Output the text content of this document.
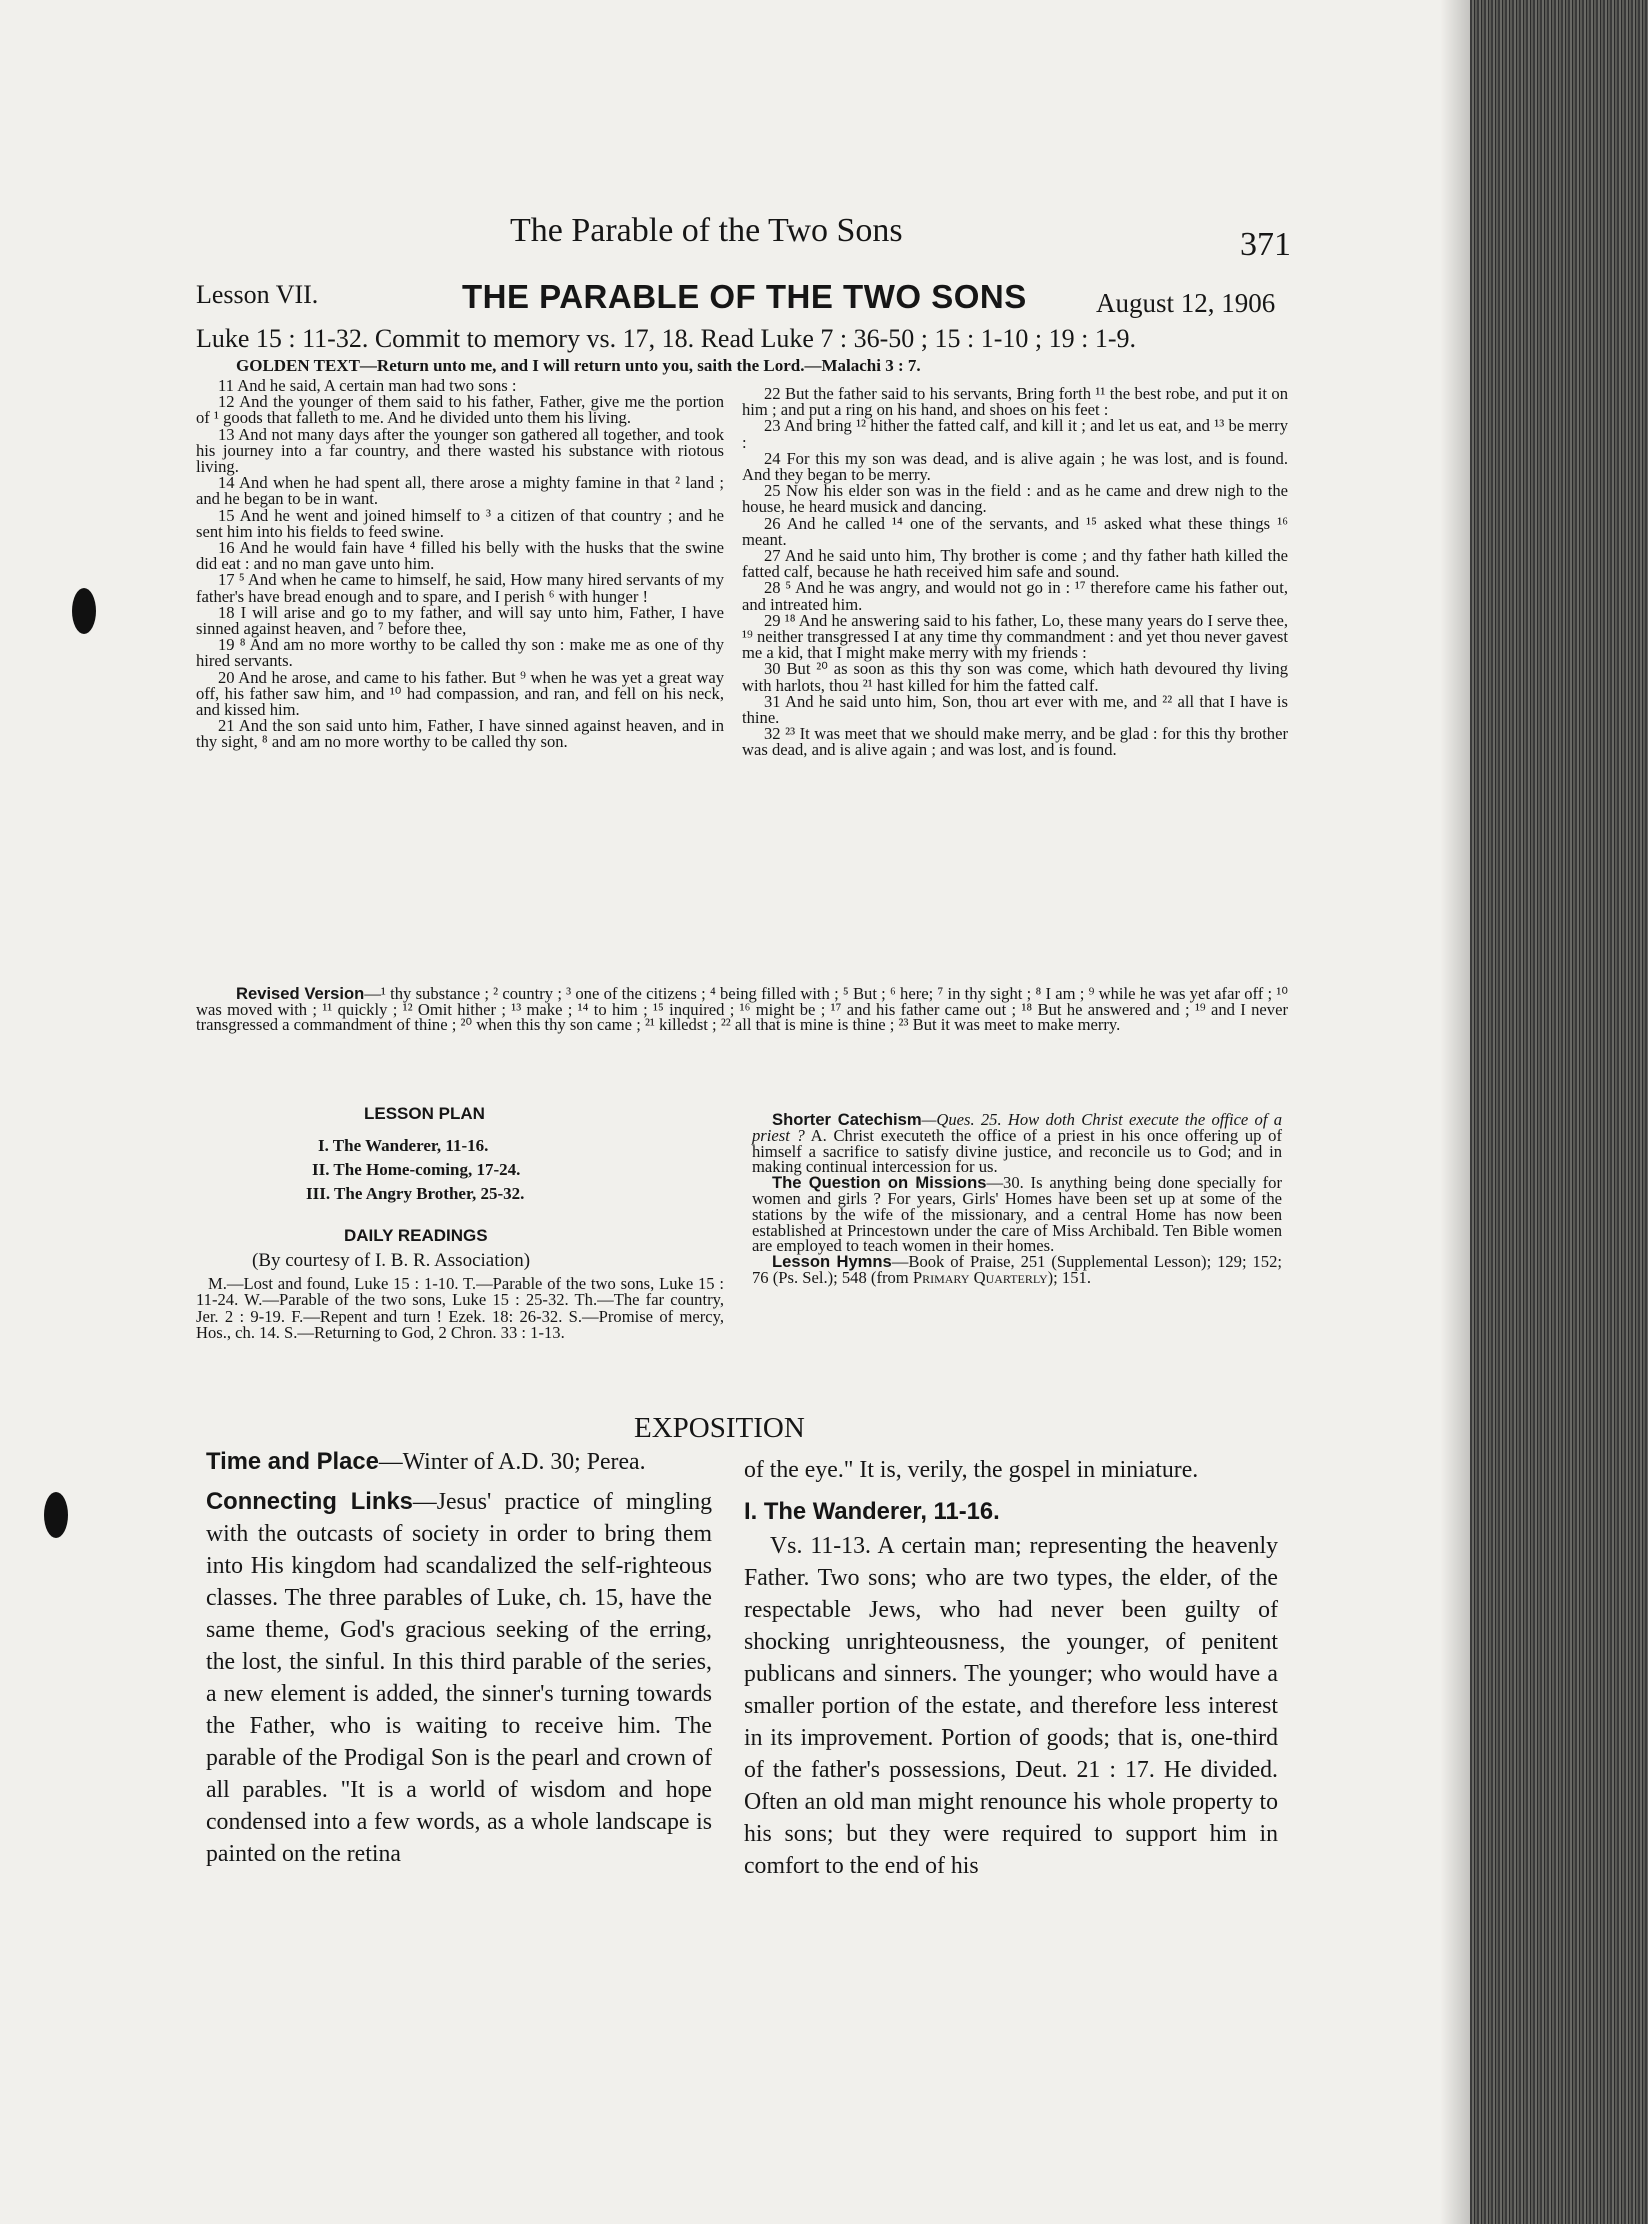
The Parable of the Two Sons	371
Lesson VII.	THE PARABLE OF THE TWO SONS	August 12, 1906
Luke 15 : 11-32. Commit to memory vs. 17, 18. Read Luke 7 : 36-50 ; 15 : 1-10 ; 19 : 1-9.
GOLDEN TEXT—Return unto me, and I will return unto you, saith the Lord.—Malachi 3 : 7.

11 And he said, A certain man had two sons :

12 And the younger of them said to his father, Father, give me the portion of ¹ goods that falleth to me. And he divided unto them his living.

13 And not many days after the younger son gathered all together, and took his journey into a far country, and there wasted his substance with riotous living.

14 And when he had spent all, there arose a mighty famine in that ² land ; and he began to be in want.

15 And he went and joined himself to ³ a citizen of that country ; and he sent him into his fields to feed swine.

16 And he would fain have ⁴ filled his belly with the husks that the swine did eat : and no man gave unto him.

17 ⁵ And when he came to himself, he said, How many hired servants of my father's have bread enough and to spare, and I perish ⁶ with hunger !

18 I will arise and go to my father, and will say unto him, Father, I have sinned against heaven, and ⁷ before thee,

19 ⁸ And am no more worthy to be called thy son : make me as one of thy hired servants.

20 And he arose, and came to his father. But ⁹ when he was yet a great way off, his father saw him, and ¹⁰ had compassion, and ran, and fell on his neck, and kissed him.

21 And the son said unto him, Father, I have sinned against heaven, and in thy sight, ⁸ and am no more worthy to be called thy son.

22 But the father said to his servants, Bring forth ¹¹ the best robe, and put it on him ; and put a ring on his hand, and shoes on his feet :

23 And bring ¹² hither the fatted calf, and kill it ; and let us eat, and ¹³ be merry :

24 For this my son was dead, and is alive again ; he was lost, and is found. And they began to be merry.

25 Now his elder son was in the field : and as he came and drew nigh to the house, he heard musick and dancing.

26 And he called ¹⁴ one of the servants, and ¹⁵ asked what these things ¹⁶ meant.

27 And he said unto him, Thy brother is come ; and thy father hath killed the fatted calf, because he hath received him safe and sound.

28 ⁵ And he was angry, and would not go in : ¹⁷ therefore came his father out, and intreated him.

29 ¹⁸ And he answering said to his father, Lo, these many years do I serve thee, ¹⁹ neither transgressed I at any time thy commandment : and yet thou never gavest me a kid, that I might make merry with my friends :

30 But ²⁰ as soon as this thy son was come, which hath devoured thy living with harlots, thou ²¹ hast killed for him the fatted calf.

31 And he said unto him, Son, thou art ever with me, and ²² all that I have is thine.

32 ²³ It was meet that we should make merry, and be glad : for this thy brother was dead, and is alive again ; and was lost, and is found.

Revised Version—¹ thy substance ; ² country ; ³ one of the citizens ; ⁴ being filled with ; ⁵ But ; ⁶ here; ⁷ in thy sight ; ⁸ I am ; ⁹ while he was yet afar off ; ¹⁰ was moved with ; ¹¹ quickly ; ¹² Omit hither ; ¹³ make ; ¹⁴ to him ; ¹⁵ inquired ; ¹⁶ might be ; ¹⁷ and his father came out ; ¹⁸ But he answered and ; ¹⁹ and I never transgressed a commandment of thine ; ²⁰ when this thy son came ; ²¹ killedst ; ²² all that is mine is thine ; ²³ But it was meet to make merry.
LESSON PLAN
I. The Wanderer, 11-16.
II. The Home-coming, 17-24.
III. The Angry Brother, 25-32.
DAILY READINGS
(By courtesy of I. B. R. Association)
M.—Lost and found, Luke 15 : 1-10. T.—Parable of the two sons, Luke 15 : 11-24. W.—Parable of the two sons, Luke 15 : 25-32. Th.—The far country, Jer. 2 : 9-19. F.—Repent and turn ! Ezek. 18: 26-32. S.—Promise of mercy, Hos., ch. 14. S.—Returning to God, 2 Chron. 33 : 1-13.

Shorter Catechism—Ques. 25. How doth Christ execute the office of a priest ? A. Christ executeth the office of a priest in his once offering up of himself a sacrifice to satisfy divine justice, and reconcile us to God; and in making continual intercession for us.

The Question on Missions—30. Is anything being done specially for women and girls ? For years, Girls' Homes have been set up at some of the stations by the wife of the missionary, and a central Home has now been established at Princestown under the care of Miss Archibald. Ten Bible women are employed to teach women in their homes.

Lesson Hymns—Book of Praise, 251 (Supplemental Lesson); 129; 152; 76 (Ps. Sel.); 548 (from Primary Quarterly); 151.

EXPOSITION

Time and Place—Winter of A.D. 30; Perea.

Connecting Links—Jesus' practice of mingling with the outcasts of society in order to bring them into His kingdom had scandalized the self-righteous classes. The three parables of Luke, ch. 15, have the same theme, God's gracious seeking of the erring, the lost, the sinful. In this third parable of the series, a new element is added, the sinner's turning towards the Father, who is waiting to receive him. The parable of the Prodigal Son is the pearl and crown of all parables. "It is a world of wisdom and hope condensed into a few words, as a whole landscape is painted on the retina

of the eye." It is, verily, the gospel in miniature.

I. The Wanderer, 11-16.

Vs. 11-13. A certain man; representing the heavenly Father. Two sons; who are two types, the elder, of the respectable Jews, who had never been guilty of shocking unrighteousness, the younger, of penitent publicans and sinners. The younger; who would have a smaller portion of the estate, and therefore less interest in its improvement. Portion of goods; that is, one-third of the father's possessions, Deut. 21 : 17. He divided. Often an old man might renounce his whole property to his sons; but they were required to support him in comfort to the end of his
